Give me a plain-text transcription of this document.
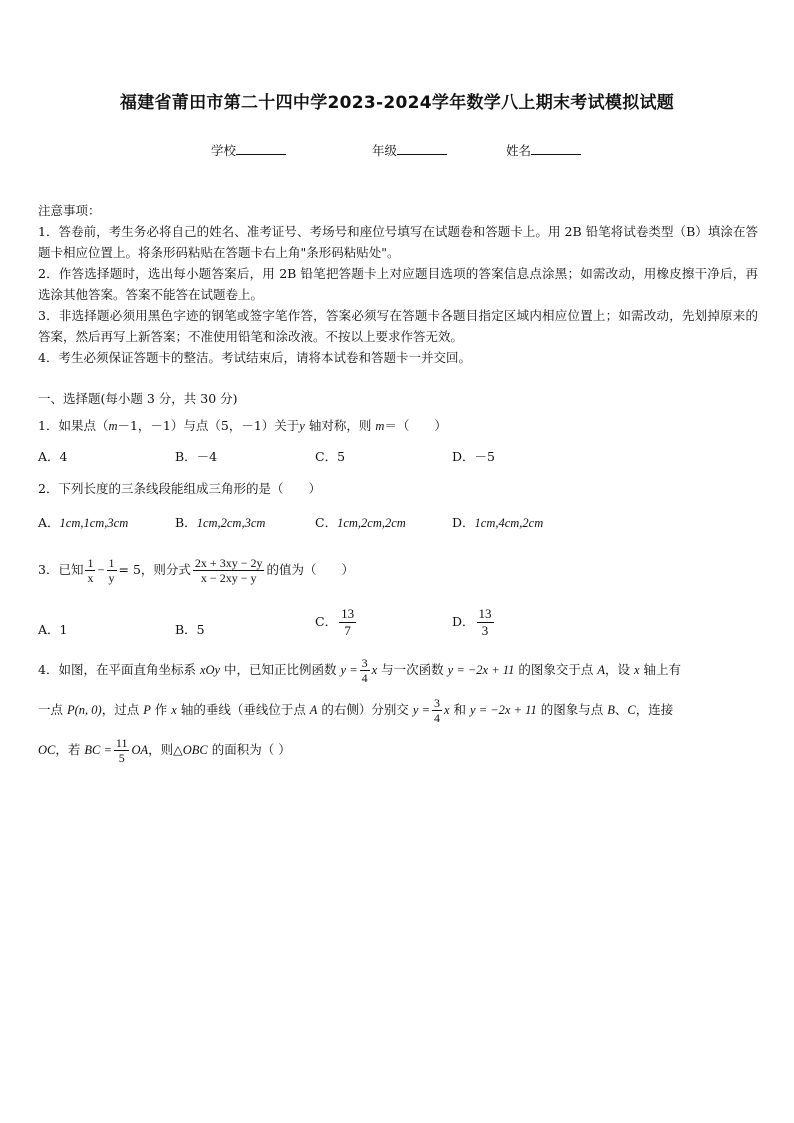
福建省莆田市第二十四中学2023-2024学年数学八上期末考试模拟试题
学校	年级	姓名

注意事项：

1．答卷前，考生务必将自己的姓名、准考证号、考场号和座位号填写在试题卷和答题卡上。用 2B 铅笔将试卷类型（B）填涂在答题卡相应位置上。将条形码粘贴在答题卡右上角"条形码粘贴处"。

2．作答选择题时，选出每小题答案后，用 2B 铅笔把答题卡上对应题目选项的答案信息点涂黑；如需改动，用橡皮擦干净后，再选涂其他答案。答案不能答在试题卷上。

3．非选择题必须用黑色字迹的钢笔或签字笔作答，答案必须写在答题卡各题目指定区域内相应位置上；如需改动，先划掉原来的答案，然后再写上新答案；不准使用铅笔和涂改液。不按以上要求作答无效。

4．考生必须保证答题卡的整洁。考试结束后，请将本试卷和答题卡一并交回。

一、选择题(每小题 3 分，共 30 分)
1．如果点（m－1，－1）与点（5，－1）关于y 轴对称，则 m＝（　　）
A．4	B．－4	C．5	D．－5
2．下列长度的三条线段能组成三角形的是（　　）
A．1cm,1cm,3cm	B．1cm,2cm,3cm	C．1cm,2cm,2cm	D．1cm,4cm,2cm
3．已知 $\frac{1}{x} - \frac{1}{y} = 5$，则分式 $\frac{2x + 3xy - 2y}{x - 2xy - y}$ 的值为（　　）
A．1	B．5
C． $\frac{13}{7}$	D． $\frac{13}{3}$
4．如图，在平面直角坐标系 xOy 中，已知正比例函数 $y = \frac{3}{4}$ x 与一次函数 y = −2x + 11 的图象交于点 A，设 x 轴上有
一点 P(n, 0)，过点 P 作 x 轴的垂线（垂线位于点 A 的右侧）分别交 $y = \frac{3}{4}$ x 和 y = −2x + 11 的图象与点 B、C，连接
OC，若 BC = $\frac{11}{5}$ OA，则△OBC 的面积为（ ）
